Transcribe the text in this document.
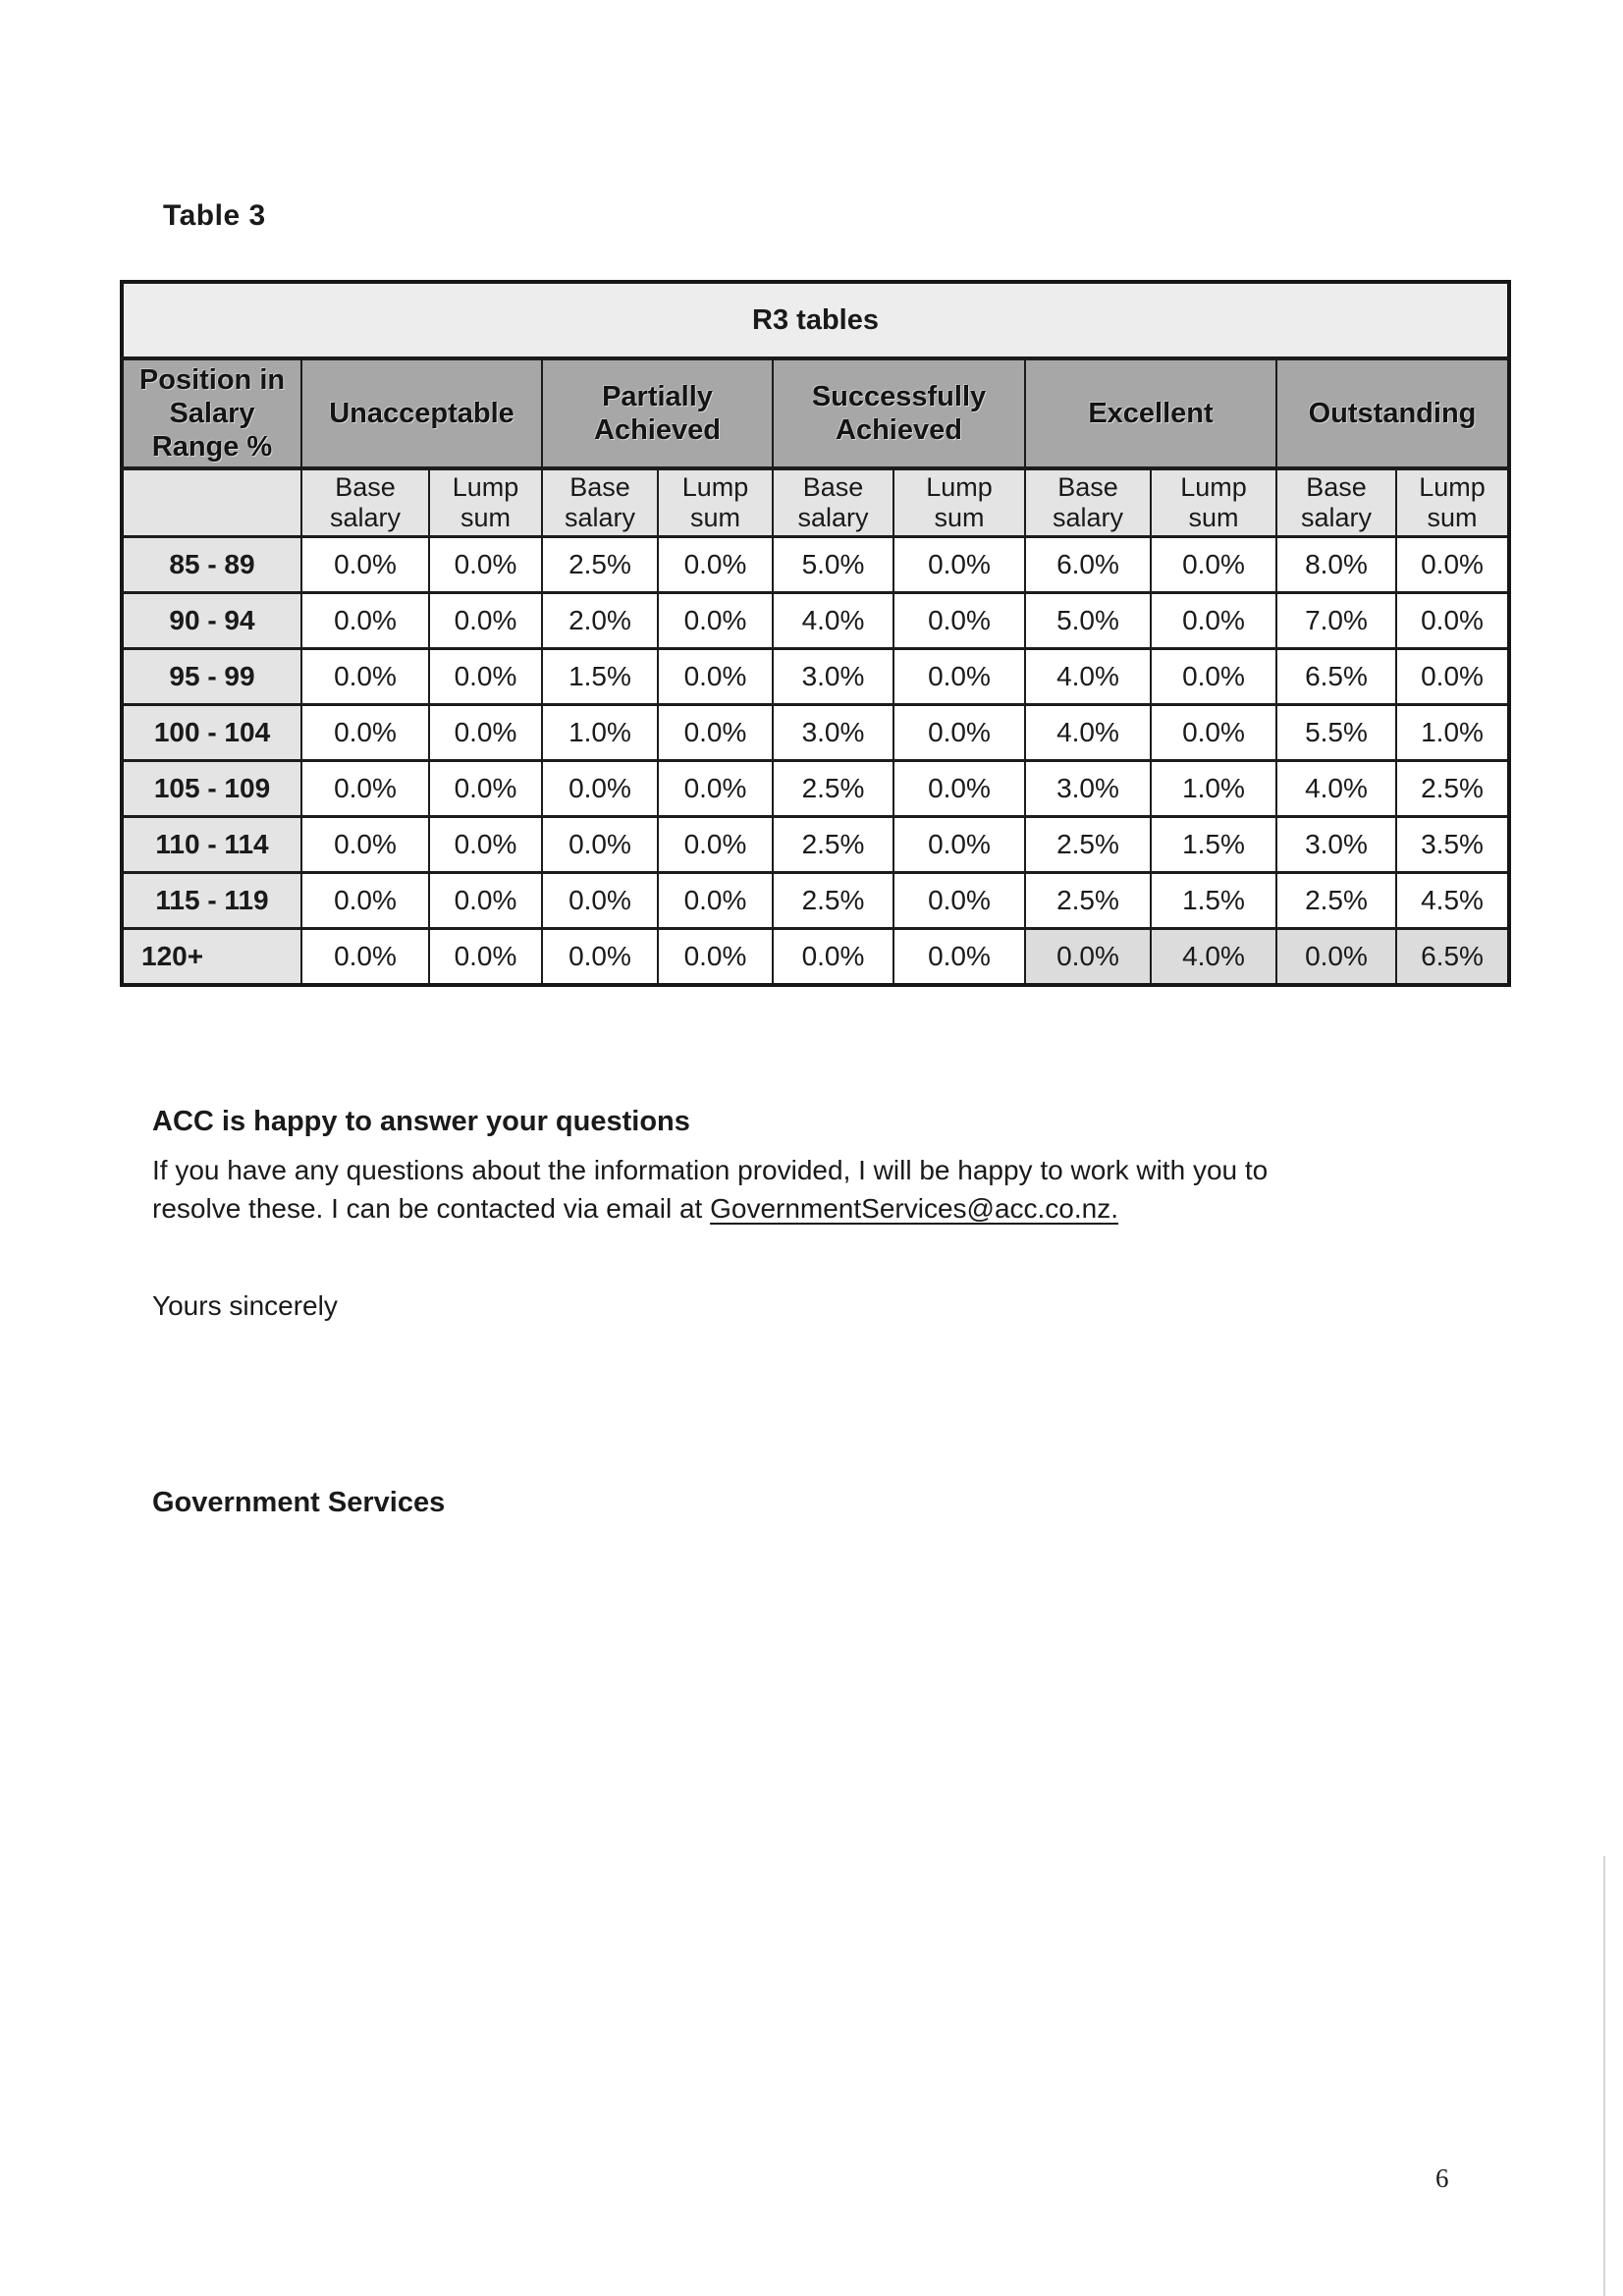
Table 3
R3 tables										
Position in Salary Range %	Unacceptable		Partially Achieved		Successfully Achieved		Excellent		Outstanding	
	Base salary	Lump sum	Base salary	Lump sum	Base salary	Lump sum	Base salary	Lump sum	Base salary	Lump sum
85 - 89	0.0%	0.0%	2.5%	0.0%	5.0%	0.0%	6.0%	0.0%	8.0%	0.0%
90 - 94	0.0%	0.0%	2.0%	0.0%	4.0%	0.0%	5.0%	0.0%	7.0%	0.0%
95 - 99	0.0%	0.0%	1.5%	0.0%	3.0%	0.0%	4.0%	0.0%	6.5%	0.0%
100 - 104	0.0%	0.0%	1.0%	0.0%	3.0%	0.0%	4.0%	0.0%	5.5%	1.0%
105 - 109	0.0%	0.0%	0.0%	0.0%	2.5%	0.0%	3.0%	1.0%	4.0%	2.5%
110 - 114	0.0%	0.0%	0.0%	0.0%	2.5%	0.0%	2.5%	1.5%	3.0%	3.5%
115 - 119	0.0%	0.0%	0.0%	0.0%	2.5%	0.0%	2.5%	1.5%	2.5%	4.5%
120+	0.0%	0.0%	0.0%	0.0%	0.0%	0.0%	0.0%	4.0%	0.0%	6.5%
ACC is happy to answer your questions
If you have any questions about the information provided, I will be happy to work with you to
resolve these. I can be contacted via email at GovernmentServices@acc.co.nz.
Yours sincerely
Government Services
6
